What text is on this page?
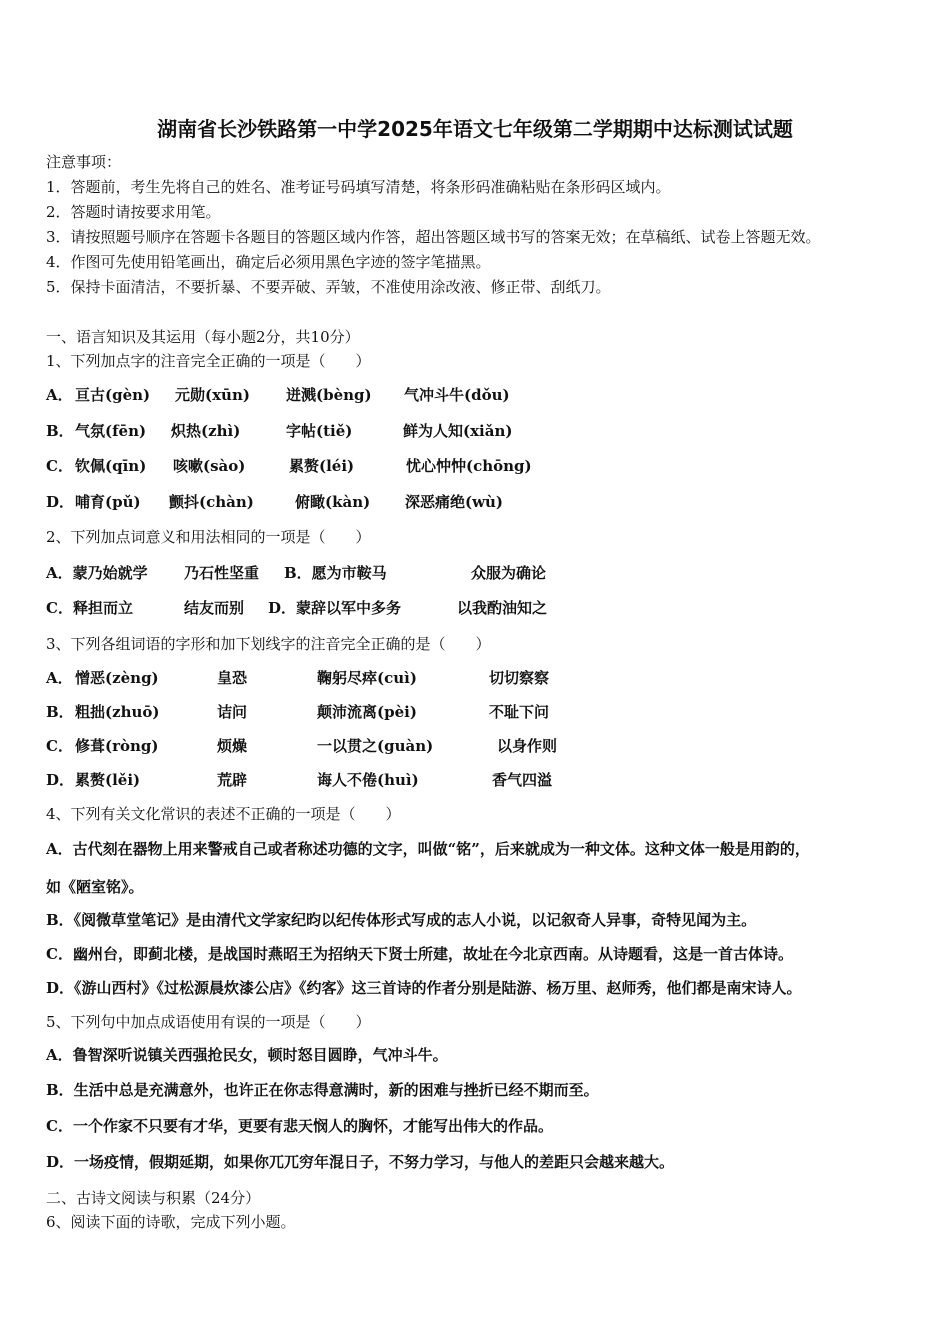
湖南省长沙铁路第一中学2025年语文七年级第二学期期中达标测试试题
注意事项：
1．答题前，考生先将自己的姓名、准考证号码填写清楚，将条形码准确粘贴在条形码区域内。
2．答题时请按要求用笔。
3．请按照题号顺序在答题卡各题目的答题区域内作答，超出答题区域书写的答案无效；在草稿纸、试卷上答题无效。
4．作图可先使用铅笔画出，确定后必须用黑色字迹的签字笔描黑。
5．保持卡面清洁，不要折暴、不要弄破、弄皱，不准使用涂改液、修正带、刮纸刀。
一、语言知识及其运用（每小题2分，共10分）
1、下列加点字的注音完全正确的一项是（　　）
A． 亘古(gèn) 元勋(xūn) 迸溅(bèng) 气冲斗牛(dǒu)
B． 气氛(fēn) 炽热(zhì)	字帖(tiě)	鲜为人知(xiǎn)
C． 钦佩(qīn) 咳嗽(sào)	累赘(léi)	忧心忡忡(chōng)
D． 哺育(pǔ) 颤抖(chàn)	俯瞰(kàn) 深恶痛绝(wù)
2、下列加点词意义和用法相同的一项是（　　）
A．蒙乃始就学 乃石性坚重 B．愿为市鞍马	众服为确论
C．释担而立	结友而别 D．蒙辞以军中多务	以我酌油知之
3、下列各组词语的字形和加下划线字的注音完全正确的是（　　）
A． 憎恶(zèng)	皇恐	鞠躬尽瘁(cuì)	切切察察
B． 粗拙(zhuō)	诘问	颠沛流离(pèi)	不耻下问
C． 修葺(ròng)	烦燥	一以贯之(guàn)	以身作则
D． 累赘(lěi)	荒辟	诲人不倦(huì)	香气四溢
4、下列有关文化常识的表述不正确的一项是（　　）
A．古代刻在器物上用来警戒自己或者称述功德的文字，叫做“铭”，后来就成为一种文体。这种文体一般是用韵的，
如《陋室铭》。
B．《阅微草堂笔记》是由清代文学家纪昀以纪传体形式写成的志人小说，以记叙奇人异事，奇特见闻为主。
C．幽州台，即蓟北楼，是战国时燕昭王为招纳天下贤士所建，故址在今北京西南。从诗题看，这是一首古体诗。
D．《游山西村》《过松源晨炊漆公店》《约客》这三首诗的作者分别是陆游、杨万里、赵师秀，他们都是南宋诗人。
5、下列句中加点成语使用有误的一项是（　　）
A．鲁智深听说镇关西强抢民女，顿时怒目圆睁，气冲斗牛。
B．生活中总是充满意外，也许正在你志得意满时，新的困难与挫折已经不期而至。
C．一个作家不只要有才华，更要有悲天悯人的胸怀，才能写出伟大的作品。
D．一场疫情，假期延期，如果你兀兀穷年混日子，不努力学习，与他人的差距只会越来越大。
二、古诗文阅读与积累（24分）
6、阅读下面的诗歌，完成下列小题。
